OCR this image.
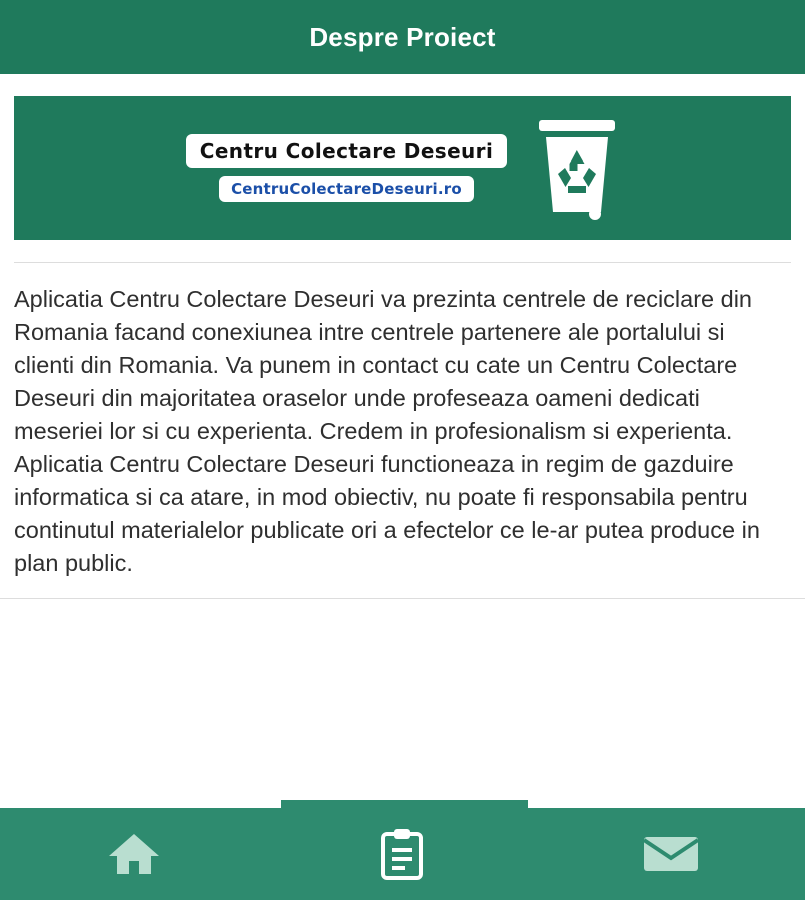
Despre Proiect
Centru Colectare Deseuri
CentruColectareDeseuri.ro

Aplicatia Centru Colectare Deseuri va prezinta centrele de reciclare din Romania facand conexiunea intre centrele partenere ale portalului si clienti din Romania. Va punem in contact cu cate un Centru Colectare Deseuri din majoritatea oraselor unde profeseaza oameni dedicati meseriei lor si cu experienta. Credem in profesionalism si experienta. Aplicatia Centru Colectare Deseuri functioneaza in regim de gazduire informatica si ca atare, in mod obiectiv, nu poate fi responsabila pentru continutul materialelor publicate ori a efectelor ce le-ar putea produce in plan public.
